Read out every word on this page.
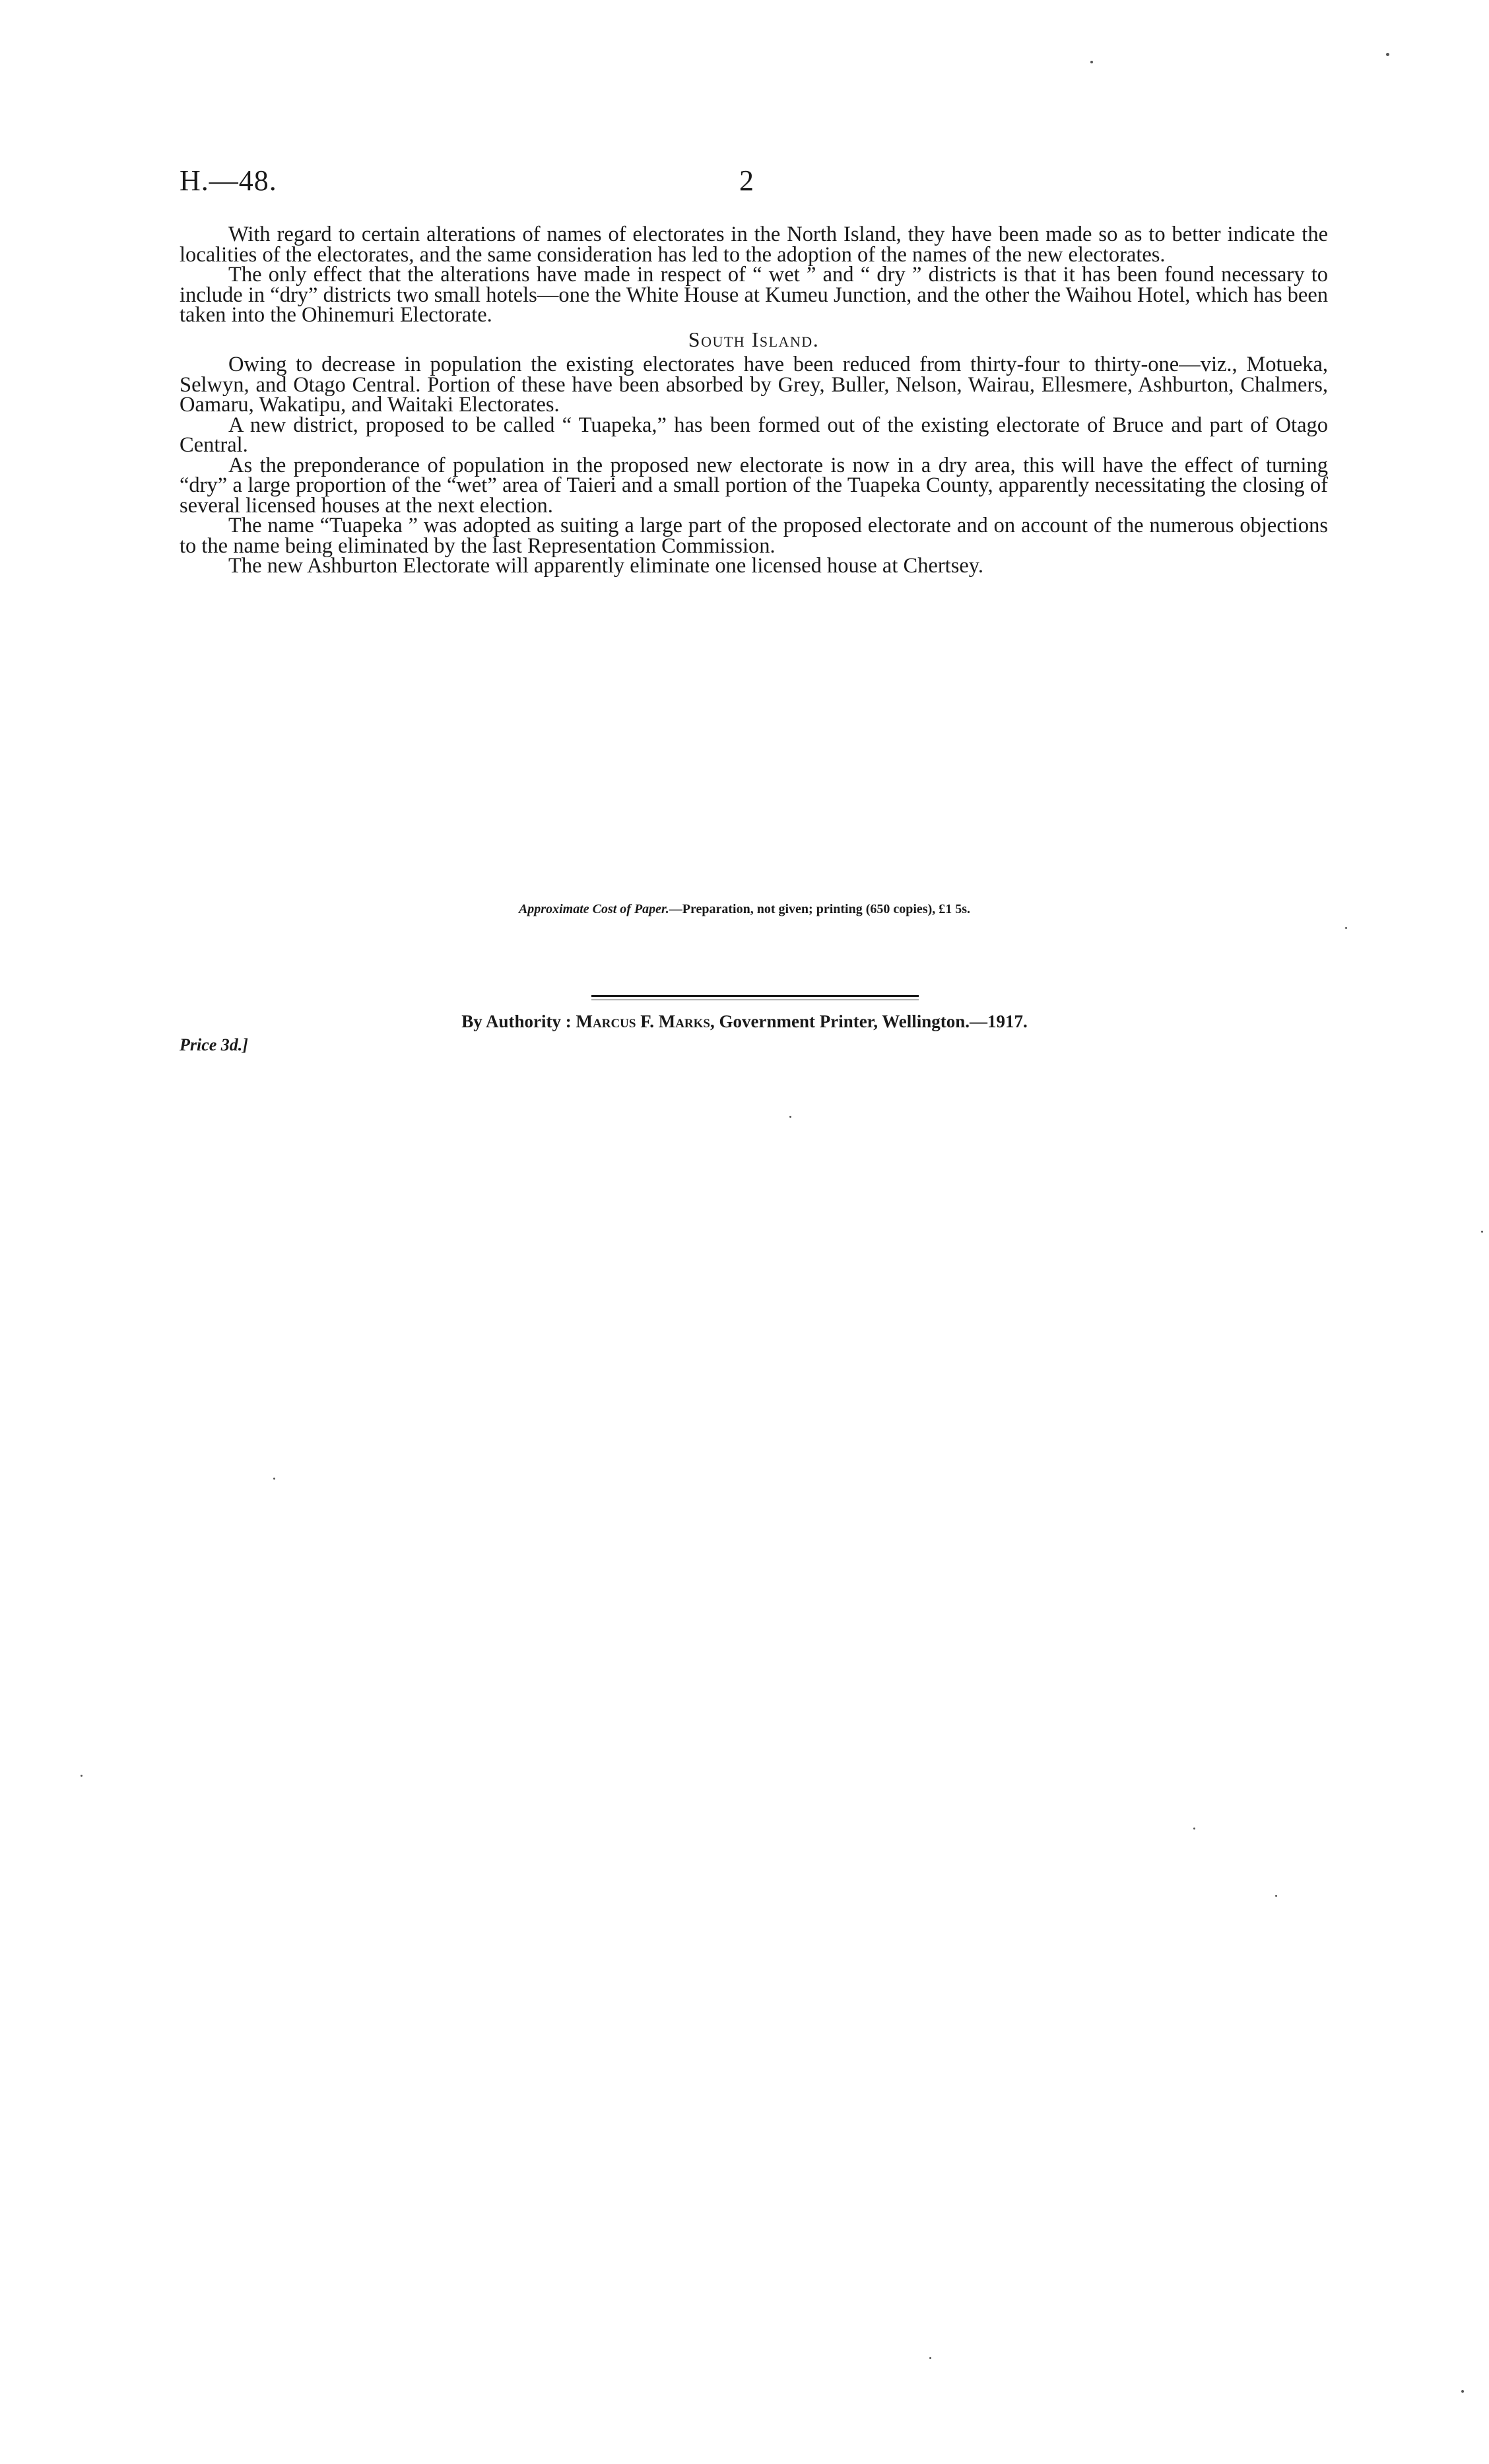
H.—48.	2

With regard to certain alterations of names of electorates in the North Island, they have been made so as to better indicate the localities of the electorates, and the same consideration has led to the adoption of the names of the new electorates.

The only effect that the alterations have made in respect of “ wet ” and “ dry ” districts is that it has been found necessary to include in “dry” districts two small hotels—one the White House at Kumeu Junction, and the other the Waihou Hotel, which has been taken into the Ohinemuri Electorate.

South Island.

Owing to decrease in population the existing electorates have been reduced from thirty-four to thirty-one—viz., Motueka, Selwyn, and Otago Central. Portion of these have been absorbed by Grey, Buller, Nelson, Wairau, Ellesmere, Ashburton, Chalmers, Oamaru, Wakatipu, and Waitaki Electorates.

A new district, proposed to be called “ Tuapeka,” has been formed out of the existing electorate of Bruce and part of Otago Central.

As the preponderance of population in the proposed new electorate is now in a dry area, this will have the effect of turning “dry” a large proportion of the “wet” area of Taieri and a small portion of the Tuapeka County, apparently necessitating the closing of several licensed houses at the next election.

The name “Tuapeka ” was adopted as suiting a large part of the proposed electorate and on account of the numerous objections to the name being eliminated by the last Representation Commission.

The new Ashburton Electorate will apparently eliminate one licensed house at Chertsey.

Approximate Cost of Paper.—Preparation, not given; printing (650 copies), £1 5s.
By Authority : Marcus F. Marks, Government Printer, Wellington.—1917.
Price 3d.]
